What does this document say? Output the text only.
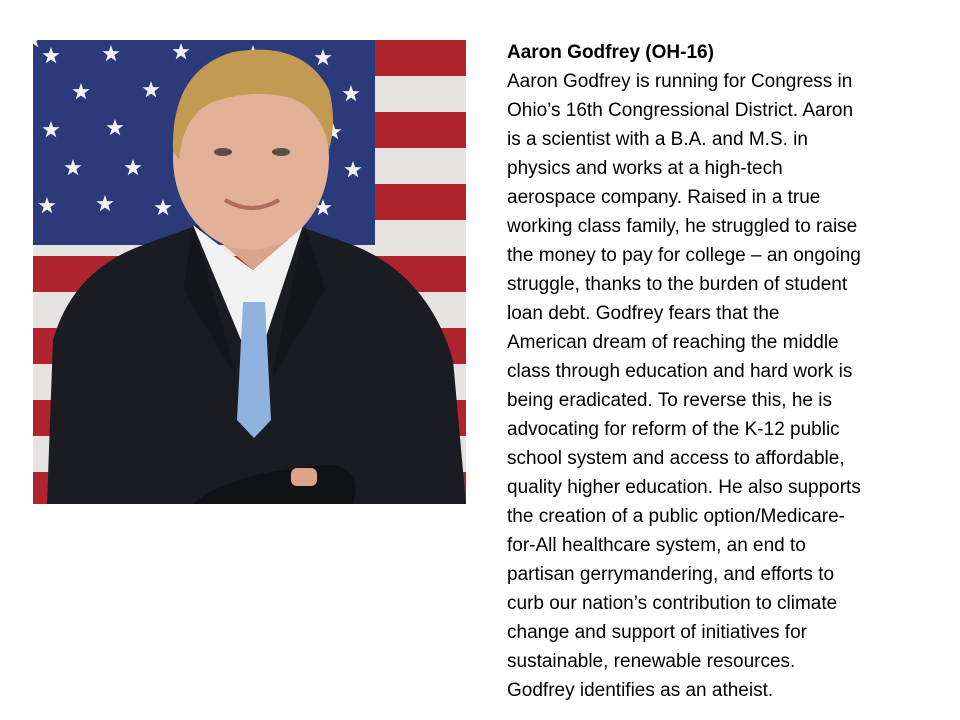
Aaron Godfrey (OH-16)

Aaron Godfrey is running for Congress in

Ohio’s 16th Congressional District. Aaron

is a scientist with a B.A. and M.S. in

physics and works at a high-tech

aerospace company. Raised in a true

working class family, he struggled to raise

the money to pay for college – an ongoing

struggle, thanks to the burden of student

loan debt. Godfrey fears that the

American dream of reaching the middle

class through education and hard work is

being eradicated. To reverse this, he is

advocating for reform of the K-12 public

school system and access to affordable,

quality higher education. He also supports

the creation of a public option/Medicare-

for-All healthcare system, an end to

partisan gerrymandering, and efforts to

curb our nation’s contribution to climate

change and support of initiatives for

sustainable, renewable resources.

Godfrey identifies as an atheist.
